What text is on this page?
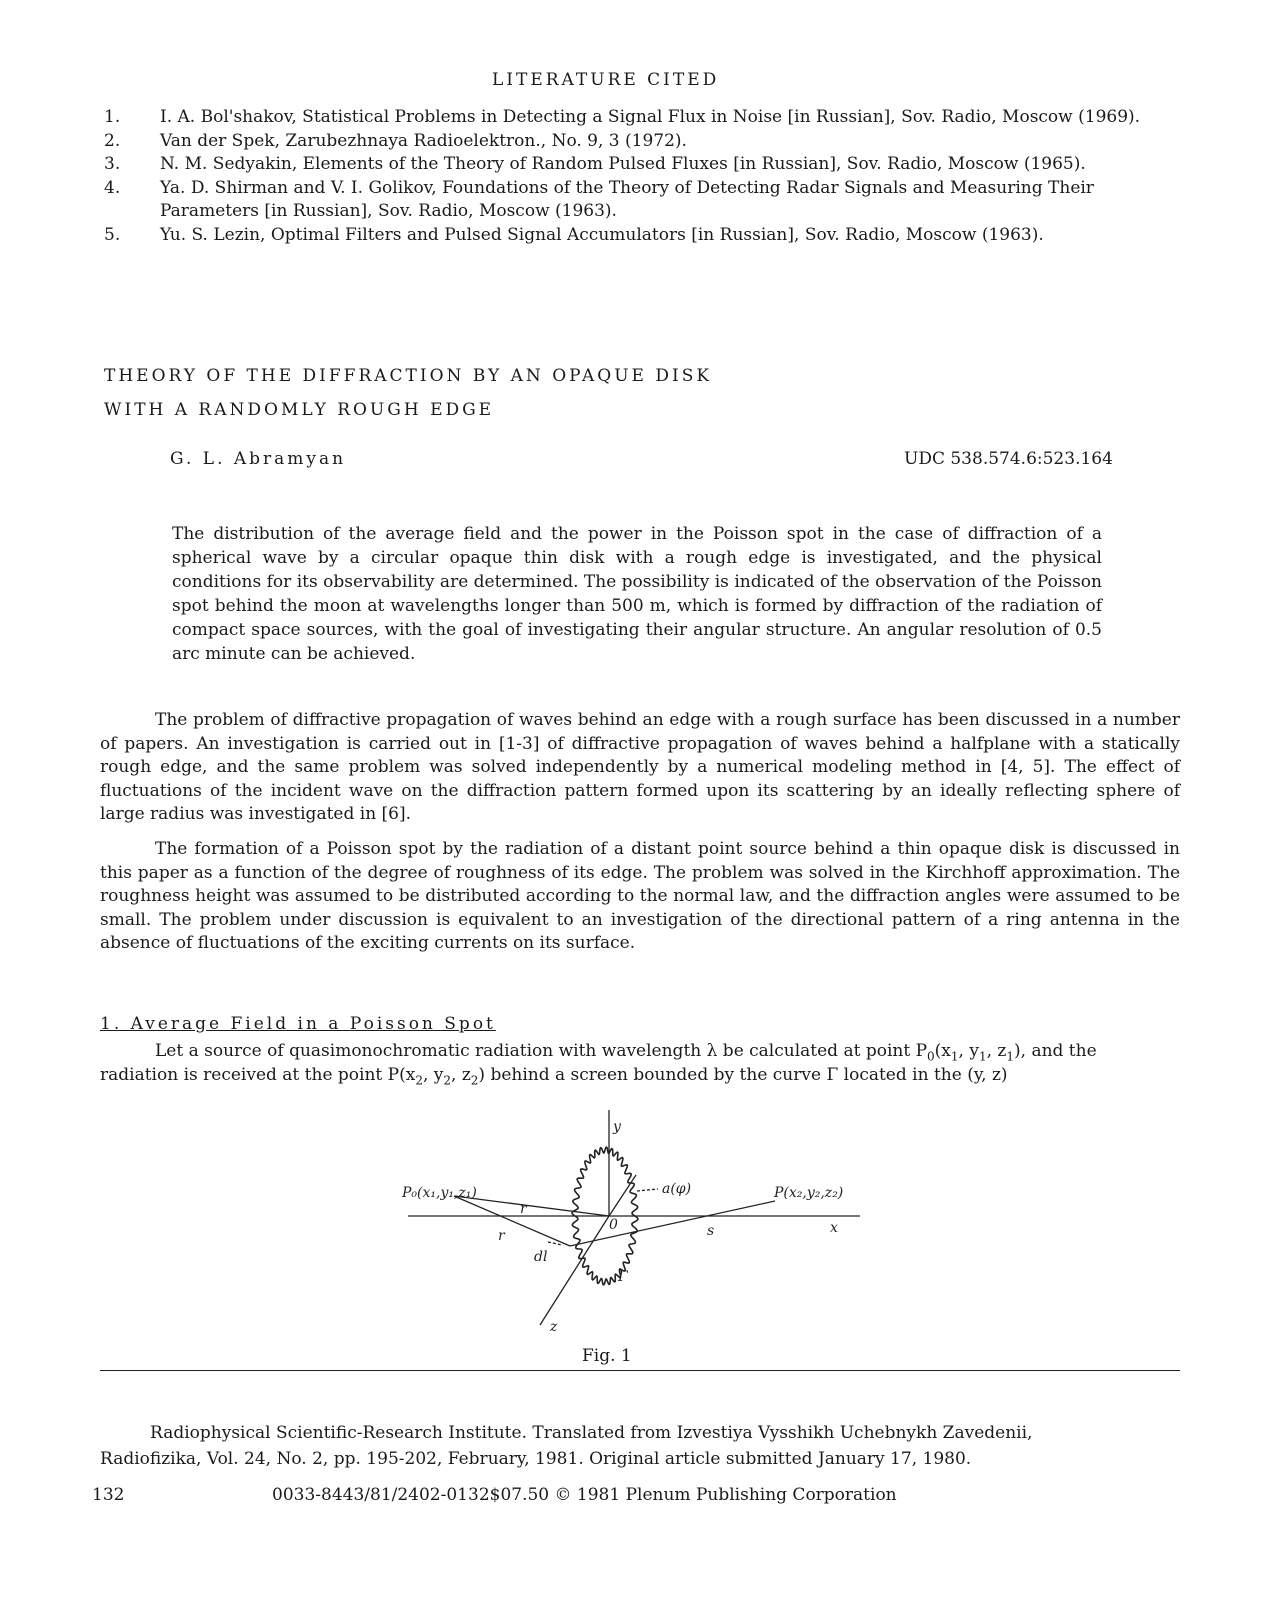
LITERATURE CITED
1. I. A. Bol'shakov, Statistical Problems in Detecting a Signal Flux in Noise [in Russian], Sov. Radio, Moscow (1969).
2. Van der Spek, Zarubezhnaya Radioelektron., No. 9, 3 (1972).
3. N. M. Sedyakin, Elements of the Theory of Random Pulsed Fluxes [in Russian], Sov. Radio, Moscow (1965).
4. Ya. D. Shirman and V. I. Golikov, Foundations of the Theory of Detecting Radar Signals and Measuring Their Parameters [in Russian], Sov. Radio, Moscow (1963).
5. Yu. S. Lezin, Optimal Filters and Pulsed Signal Accumulators [in Russian], Sov. Radio, Moscow (1963).
THEORY OF THE DIFFRACTION BY AN OPAQUE DISK
WITH A RANDOMLY ROUGH EDGE
G. L. Abramyan	UDC 538.574.6:523.164
The distribution of the average field and the power in the Poisson spot in the case of diffraction of a spherical wave by a circular opaque thin disk with a rough edge is investigated, and the physical conditions for its observability are determined. The possibility is indicated of the observation of the Poisson spot behind the moon at wavelengths longer than 500 m, which is formed by diffraction of the radiation of compact space sources, with the goal of investigating their angular structure. An angular resolution of 0.5 arc minute can be achieved.
The problem of diffractive propagation of waves behind an edge with a rough surface has been discussed in a number of papers. An investigation is carried out in [1-3] of diffractive propagation of waves behind a halfplane with a statically rough edge, and the same problem was solved independently by a numerical modeling method in [4, 5]. The effect of fluctuations of the incident wave on the diffraction pattern formed upon its scattering by an ideally reflecting sphere of large radius was investigated in [6].
The formation of a Poisson spot by the radiation of a distant point source behind a thin opaque disk is discussed in this paper as a function of the degree of roughness of its edge. The problem was solved in the Kirchhoff approximation. The roughness height was assumed to be distributed according to the normal law, and the diffraction angles were assumed to be small. The problem under discussion is equivalent to an investigation of the directional pattern of a ring antenna in the absence of fluctuations of the exciting currents on its surface.
1. Average Field in a Poisson Spot
Let a source of quasimonochromatic radiation with wavelength λ be calculated at point $P_0(x_1$, $y_1$, $z_1$), and the
radiation is received at the point $P(x_2$, $y_2$, $z_2$) behind a screen bounded by the curve Γ located in the (y, z)
y
x
z
0
P₀(x₁,y₁,z₁)	P(x₂,y₂,z₂)
r
r	s
dl
Γ
a(φ)
Fig. 1
Radiophysical Scientific-Research Institute. Translated from Izvestiya Vysshikh Uchebnykh Zavedenii,
Radiofizika, Vol. 24, No. 2, pp. 195-202, February, 1981. Original article submitted January 17, 1980.
132	0033-8443/81/2402-0132$07.50 © 1981 Plenum Publishing Corporation
